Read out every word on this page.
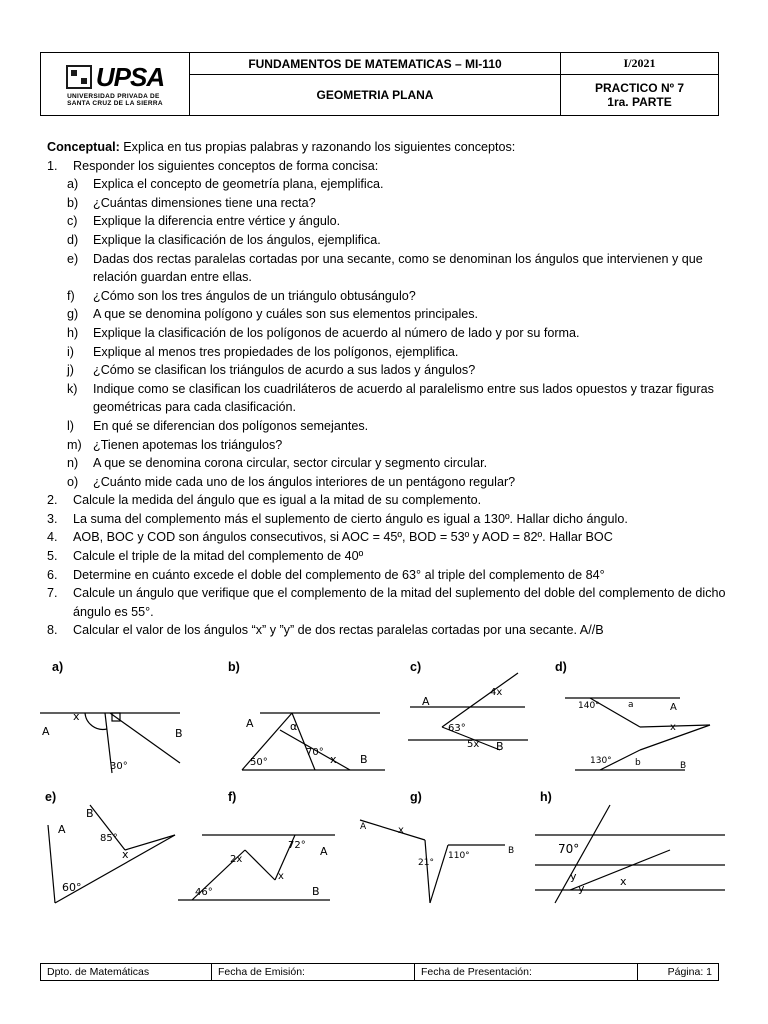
UPSA
UNIVERSIDAD PRIVADA DE
SANTA CRUZ DE LA SIERRA	FUNDAMENTOS DE MATEMATICAS – MI-110	I/2021
	GEOMETRIA PLANA	PRACTICO Nº 7
1ra. PARTE

Conceptual: Explica en tus propias palabras y razonando los siguientes conceptos:

1.	Responder los siguientes conceptos de forma concisa:
a)	Explica el concepto de geometría plana, ejemplifica.
b)	¿Cuántas dimensiones tiene una recta?
c)	Explique la diferencia entre vértice y ángulo.
d)	Explique la clasificación de los ángulos, ejemplifica.
e)	Dadas dos rectas paralelas cortadas por una secante, como se denominan los ángulos que intervienen y que relación guardan entre ellas.
f)	¿Cómo son los tres ángulos de un triángulo obtusángulo?
g)	A que se denomina polígono y cuáles son sus elementos principales.
h)	Explique la clasificación de los polígonos de acuerdo al número de lado y por su forma.
i)	Explique al menos tres propiedades de los polígonos, ejemplifica.
j)	¿Cómo se clasifican los triángulos de acurdo a sus lados y ángulos?
k)	Indique como se clasifican los cuadriláteros de acuerdo al paralelismo entre sus lados opuestos y trazar figuras geométricas para cada clasificación.
l)	En qué se diferencian dos polígonos semejantes.
m) ¿Tienen apotemas los triángulos?
n)	A que se denomina corona circular, sector circular y segmento circular.
o)	¿Cuánto mide cada uno de los ángulos interiores de un pentágono regular?
2.	Calcule la medida del ángulo que es igual a la mitad de su complemento.
3.	La suma del complemento más el suplemento de cierto ángulo es igual a 130º. Hallar dicho ángulo.
4.	AOB, BOC y COD son ángulos consecutivos, si AOC = 45º, BOD = 53º y AOD = 82º. Hallar BOC
5.	Calcule el triple de la mitad del complemento de 40º
6.	Determine en cuánto excede el doble del complemento de 63° al triple del complemento de 84°
7.	Calcule un ángulo que verifique que el complemento de la mitad del suplemento del doble del complemento de dicho ángulo es 55°.
8.	Calcular el valor de los ángulos “x” y ”y” de dos rectas paralelas cortadas por una secante. A//B
a)	b)	c)	d)
e)	f)	g)	h)
A	B
x
30°
A
B
α
70°
50°	x
A
B
4x
63°
5x
A
B
140°
130°
x
a
b
A
B
85°
x
60°
A
B
2x
72°
x
46°
A
B
x
21°
110°	70°
y
y
x
Dpto. de Matemáticas	Fecha de Emisión:	Fecha de Presentación:	Página: 1
